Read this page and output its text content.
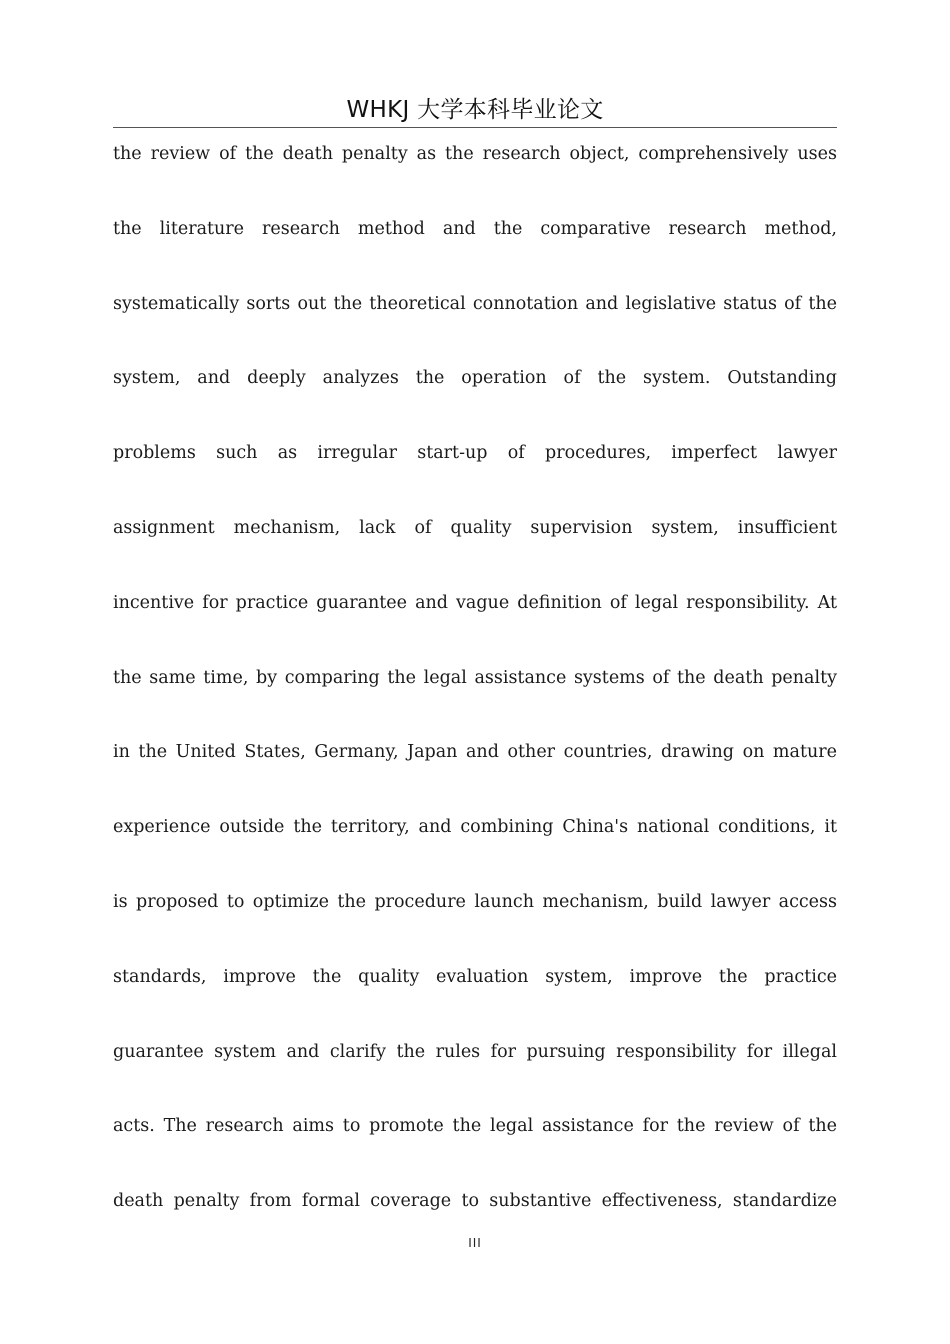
WHKJ 大学本科毕业论文
the review of the death penalty as the research object, comprehensively uses
the literature research method and the comparative research method,
systematically sorts out the theoretical connotation and legislative status of the
system, and deeply analyzes the operation of the system. Outstanding
problems such as irregular start-up of procedures, imperfect lawyer
assignment mechanism, lack of quality supervision system, insufficient
incentive for practice guarantee and vague definition of legal responsibility. At
the same time, by comparing the legal assistance systems of the death penalty
in the United States, Germany, Japan and other countries, drawing on mature
experience outside the territory, and combining China's national conditions, it
is proposed to optimize the procedure launch mechanism, build lawyer access
standards, improve the quality evaluation system, improve the practice
guarantee system and clarify the rules for pursuing responsibility for illegal
acts. The research aims to promote the legal assistance for the review of the
death penalty from formal coverage to substantive effectiveness, standardize
III
